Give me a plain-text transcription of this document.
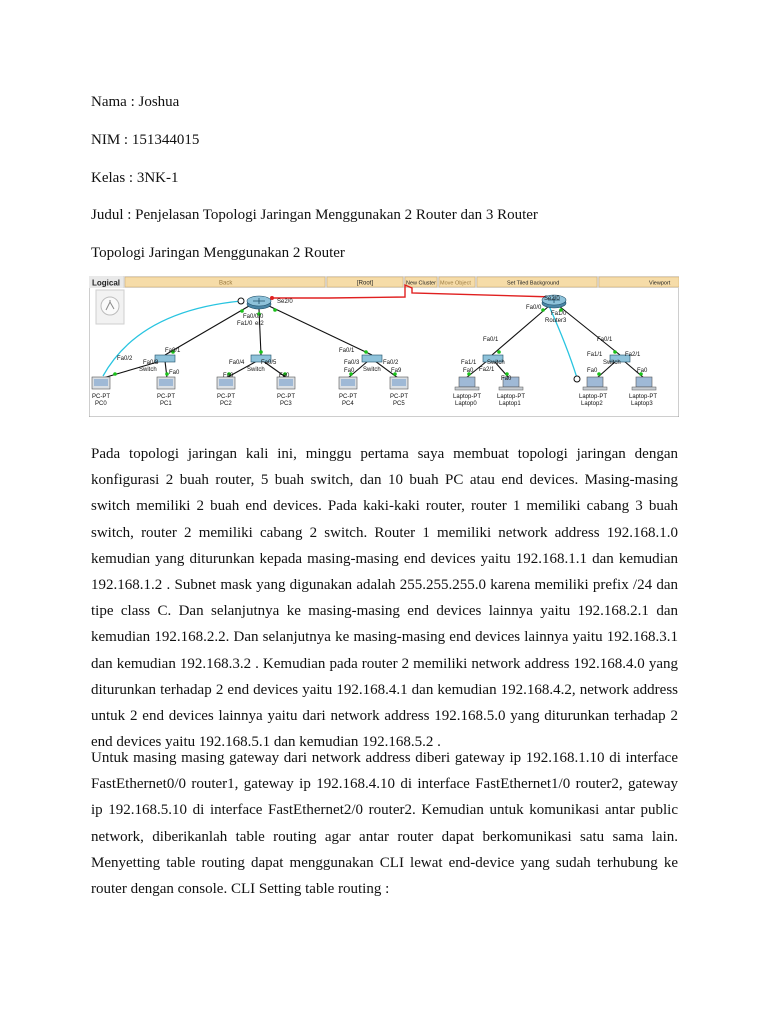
Nama : Joshua

NIM : 151344015

Kelas : 3NK-1

Judul : Penjelasan Topologi Jaringan Menggunakan 2 Router dan 3 Router

Topologi Jaringan Menggunakan 2 Router

Logical	Back	[Root]	New Cluster Move Object	Set Tiled Background	Viewport
Se2/0
Fa0/0/0
Fa1/0 er2
Se2/0
Fa0/0
Fa1/0
Router3
Fa0/1
Fa0/2
Fa0/3
Switch Fa0
Fa0/4	Fa0/5
Switch
Fa0	Fa0
Fa0/1
Fa0/3	Fa0/2
Switch
Fa0	Fa9
Fa0/1
Fa1/1
Fa2/1
Switch
Fa0
Fa0
Fa0/1
Fa1/1	Fa2/1
Switch
Fa0	Fa0
PC-PT
PC0
PC-PT
PC1
PC-PT
PC2
PC-PT
PC3
PC-PT
PC4
PC-PT
PC5
Laptop-PT
Laptop0
Laptop-PT
Laptop1
Laptop-PT
Laptop2
Laptop-PT
Laptop3

Pada topologi jaringan kali ini, minggu pertama saya membuat topologi jaringan dengan konfigurasi 2 buah router, 5 buah switch, dan 10 buah PC atau end devices. Masing-masing switch memiliki 2 buah end devices. Pada kaki-kaki router, router 1 memiliki cabang 3 buah switch, router 2 memiliki cabang 2 switch. Router 1 memiliki network address 192.168.1.0 kemudian yang diturunkan kepada masing-masing end devices yaitu 192.168.1.1 dan kemudian 192.168.1.2 . Subnet mask yang digunakan adalah 255.255.255.0 karena memiliki prefix /24 dan tipe class C. Dan selanjutnya ke masing-masing end devices lainnya yaitu 192.168.2.1 dan kemudian 192.168.2.2. Dan selanjutnya ke masing-masing end devices lainnya yaitu 192.168.3.1 dan kemudian 192.168.3.2 . Kemudian pada router 2 memiliki network address 192.168.4.0 yang diturunkan terhadap 2 end devices yaitu 192.168.4.1 dan kemudian 192.168.4.2, network address untuk 2 end devices lainnya yaitu dari network address 192.168.5.0 yang diturunkan terhadap 2 end devices yaitu 192.168.5.1 dan kemudian 192.168.5.2 .

Untuk masing masing gateway dari network address diberi gateway ip 192.168.1.10 di interface FastEthernet0/0 router1, gateway ip 192.168.4.10 di interface FastEthernet1/0 router2, gateway ip 192.168.5.10 di interface FastEthernet2/0 router2. Kemudian untuk komunikasi antar public network, diberikanlah table routing agar antar router dapat berkomunikasi satu sama lain. Menyetting table routing dapat menggunakan CLI lewat end-device yang sudah terhubung ke router dengan console. CLI Setting table routing :
